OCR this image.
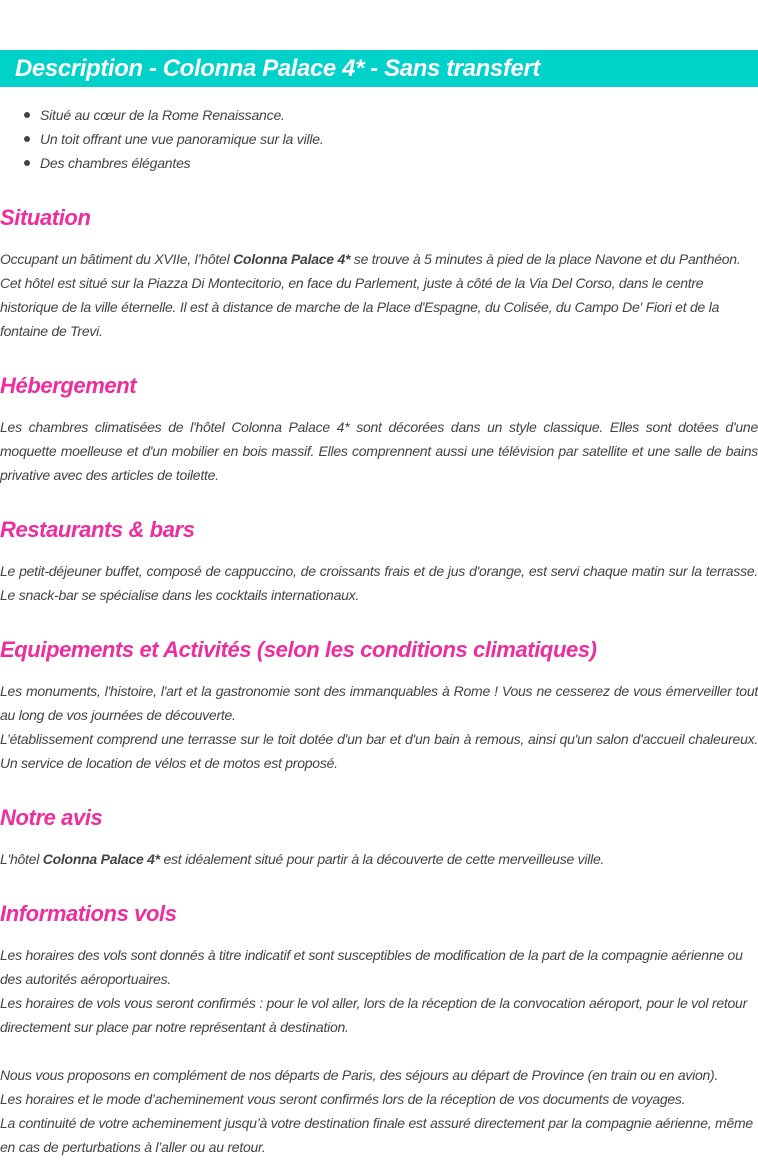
Description - Colonna Palace 4* - Sans transfert
Situé au cœur de la Rome Renaissance.
Un toit offrant une vue panoramique sur la ville.
Des chambres élégantes
Situation

Occupant un bâtiment du XVIIe, l’hôtel Colonna Palace 4* se trouve à 5 minutes à pied de la place Navone et du Panthéon. Cet hôtel est situé sur la Piazza Di Montecitorio, en face du Parlement, juste à côté de la Via Del Corso, dans le centre historique de la ville éternelle. Il est à distance de marche de la Place d'Espagne, du Colisée, du Campo De' Fiori et de la fontaine de Trevi.

Hébergement

Les chambres climatisées de l'hôtel Colonna Palace 4* sont décorées dans un style classique. Elles sont dotées d'une moquette moelleuse et d'un mobilier en bois massif. Elles comprennent aussi une télévision par satellite et une salle de bains privative avec des articles de toilette.

Restaurants & bars

Le petit-déjeuner buffet, composé de cappuccino, de croissants frais et de jus d'orange, est servi chaque matin sur la terrasse. Le snack-bar se spécialise dans les cocktails internationaux.

Equipements et Activités (selon les conditions climatiques)

Les monuments, l'histoire, l'art et la gastronomie sont des immanquables à Rome ! Vous ne cesserez de vous émerveiller tout au long de vos journées de découverte.

L’établissement comprend une terrasse sur le toit dotée d'un bar et d'un bain à remous, ainsi qu'un salon d'accueil chaleureux. Un service de location de vélos et de motos est proposé.

Notre avis

L'hôtel Colonna Palace 4* est idéalement situé pour partir à la découverte de cette merveilleuse ville.

Informations vols

Les horaires des vols sont donnés à titre indicatif et sont susceptibles de modification de la part de la compagnie aérienne ou des autorités aéroportuaires.

Les horaires de vols vous seront confirmés : pour le vol aller, lors de la réception de la convocation aéroport, pour le vol retour directement sur place par notre représentant à destination.

Nous vous proposons en complément de nos départs de Paris, des séjours au départ de Province (en train ou en avion).

Les horaires et le mode d’acheminement vous seront confirmés lors de la réception de vos documents de voyages.

La continuité de votre acheminement jusqu’à votre destination finale est assuré directement par la compagnie aérienne, même en cas de perturbations à l’aller ou au retour.
